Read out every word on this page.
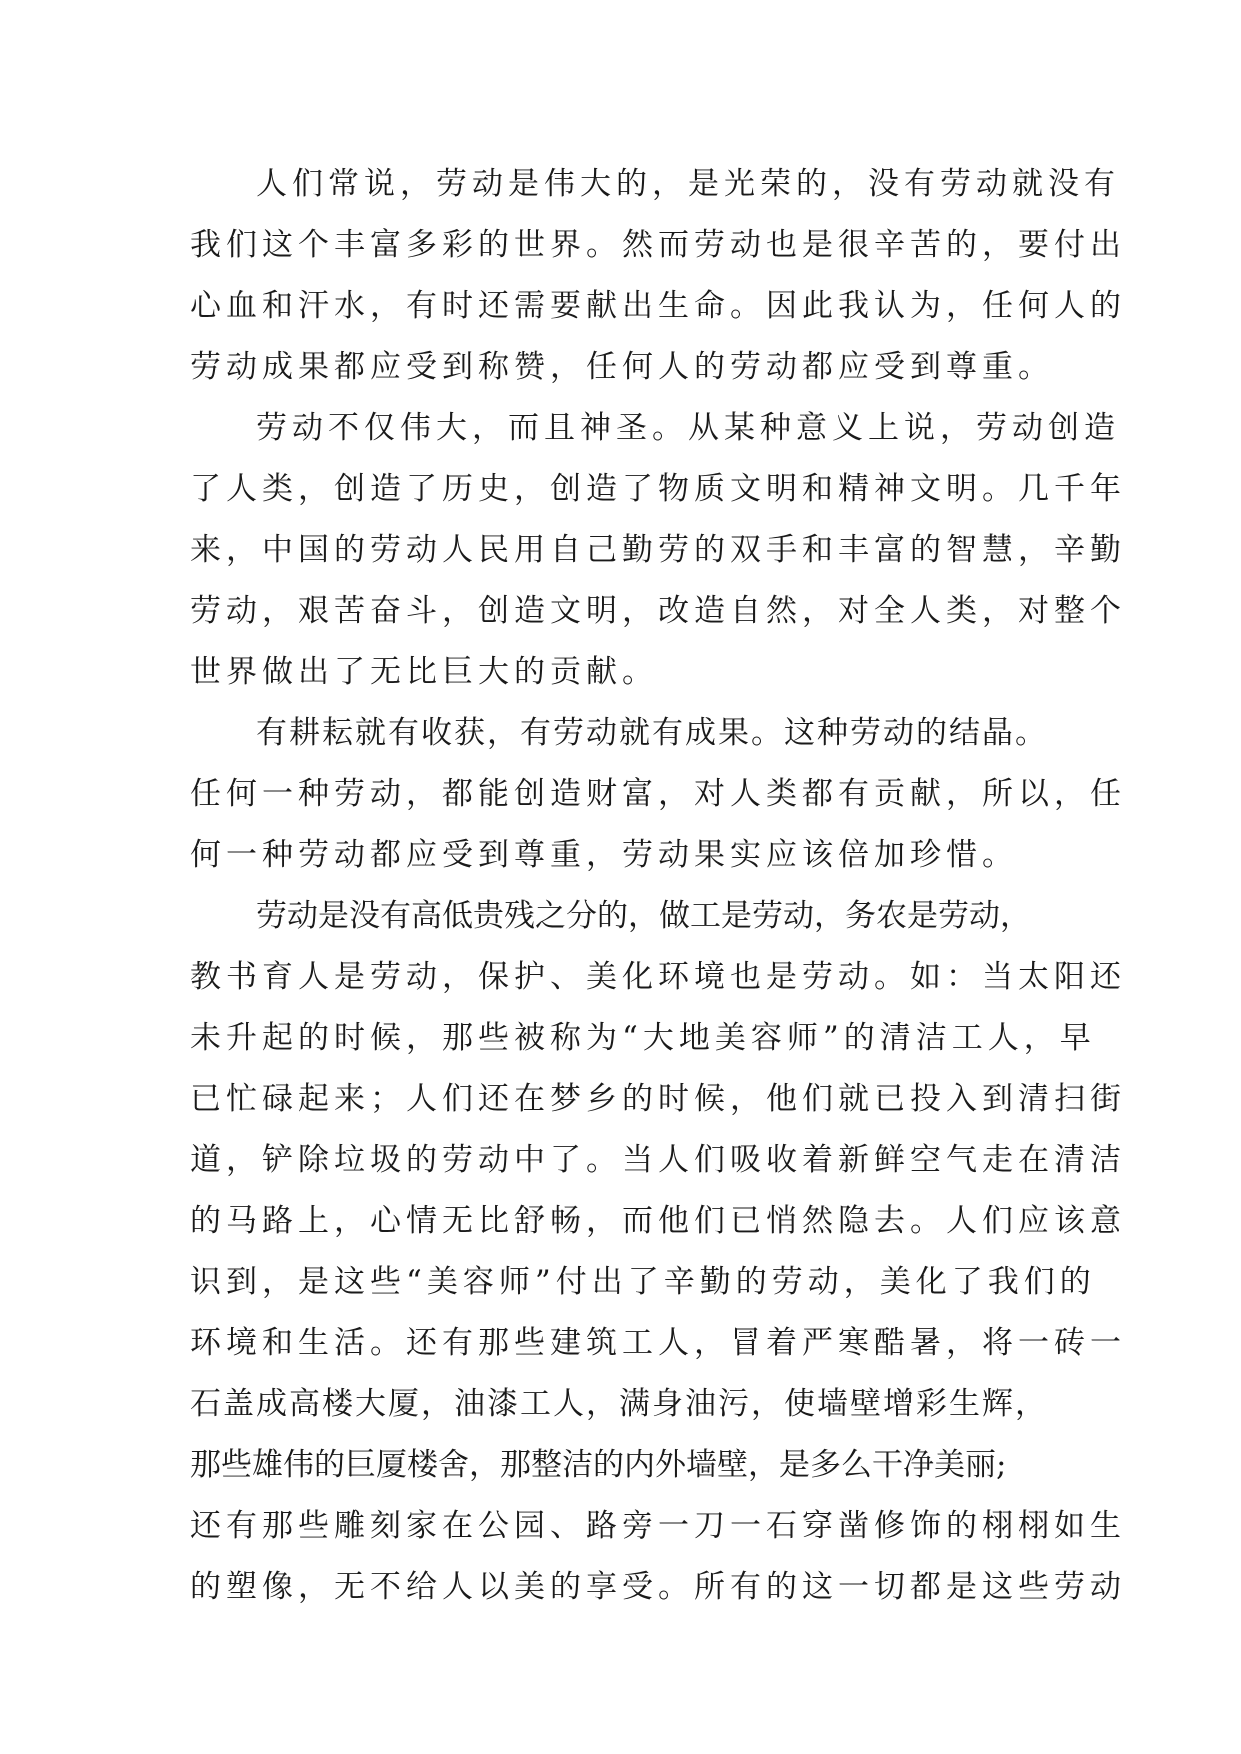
人们常说，劳动是伟大的，是光荣的，没有劳动就没有
我们这个丰富多彩的世界。然而劳动也是很辛苦的，要付出
心血和汗水，有时还需要献出生命。因此我认为，任何人的
劳动成果都应受到称赞，任何人的劳动都应受到尊重。
劳动不仅伟大，而且神圣。从某种意义上说，劳动创造
了人类，创造了历史，创造了物质文明和精神文明。几千年
来，中国的劳动人民用自己勤劳的双手和丰富的智慧，辛勤
劳动，艰苦奋斗，创造文明，改造自然，对全人类，对整个
世界做出了无比巨大的贡献。
有耕耘就有收获，有劳动就有成果。这种劳动的结晶。
任何一种劳动，都能创造财富，对人类都有贡献，所以，任
何一种劳动都应受到尊重，劳动果实应该倍加珍惜。
劳动是没有高低贵残之分的，做工是劳动，务农是劳动，
教书育人是劳动，保护、美化环境也是劳动。如：当太阳还
未升起的时候，那些被称为“大地美容师”的清洁工人，早
已忙碌起来；人们还在梦乡的时候，他们就已投入到清扫街
道，铲除垃圾的劳动中了。当人们吸收着新鲜空气走在清洁
的马路上，心情无比舒畅，而他们已悄然隐去。人们应该意
识到，是这些“美容师”付出了辛勤的劳动，美化了我们的
环境和生活。还有那些建筑工人，冒着严寒酷暑，将一砖一
石盖成高楼大厦，油漆工人，满身油污，使墙壁增彩生辉，
那些雄伟的巨厦楼舍，那整洁的内外墙壁，是多么干净美丽;
还有那些雕刻家在公园、路旁一刀一石穿凿修饰的栩栩如生
的塑像，无不给人以美的享受。所有的这一切都是这些劳动
